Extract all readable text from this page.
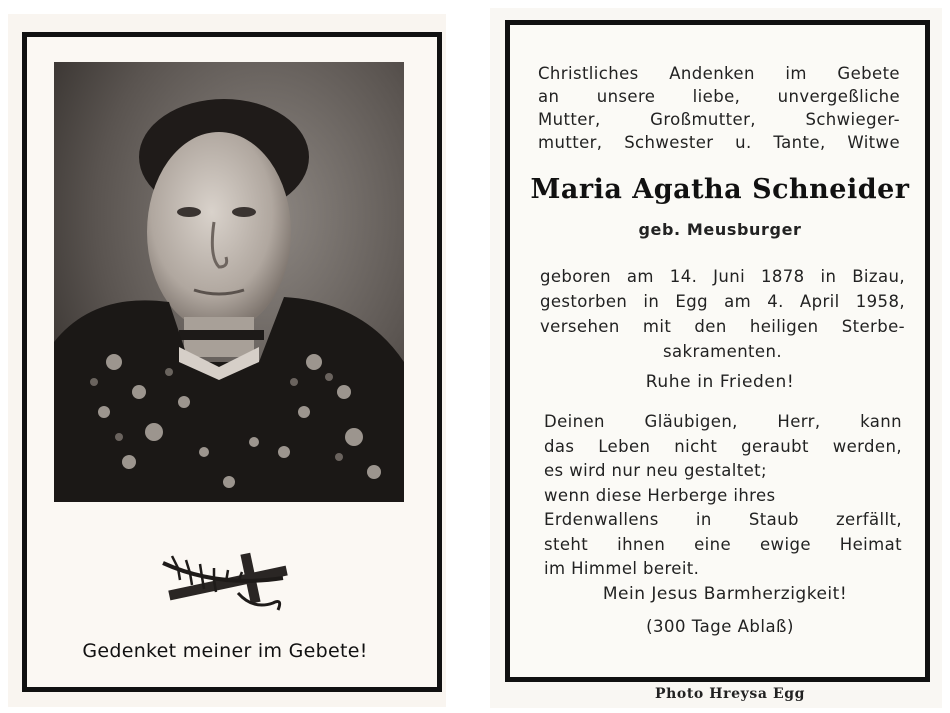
Gedenket meiner im Gebete!
Christliches Andenken im Gebete
an unsere liebe, unvergeßliche
Mutter, Großmutter, Schwieger-
mutter, Schwester u. Tante, Witwe
Maria Agatha Schneider
geb. Meusburger
geboren am 14. Juni 1878 in Bizau,
gestorben in Egg am 4. April 1958,
versehen mit den heiligen Sterbe-
sakramenten.
Ruhe in Frieden!
Deinen Gläubigen, Herr, kann
das Leben nicht geraubt werden,
es wird nur neu gestaltet;
wenn diese Herberge ihres
Erdenwallens in Staub zerfällt,
steht ihnen eine ewige Heimat
im Himmel bereit.
Mein Jesus Barmherzigkeit!
(300 Tage Ablaß)
Photo Hreysa Egg
